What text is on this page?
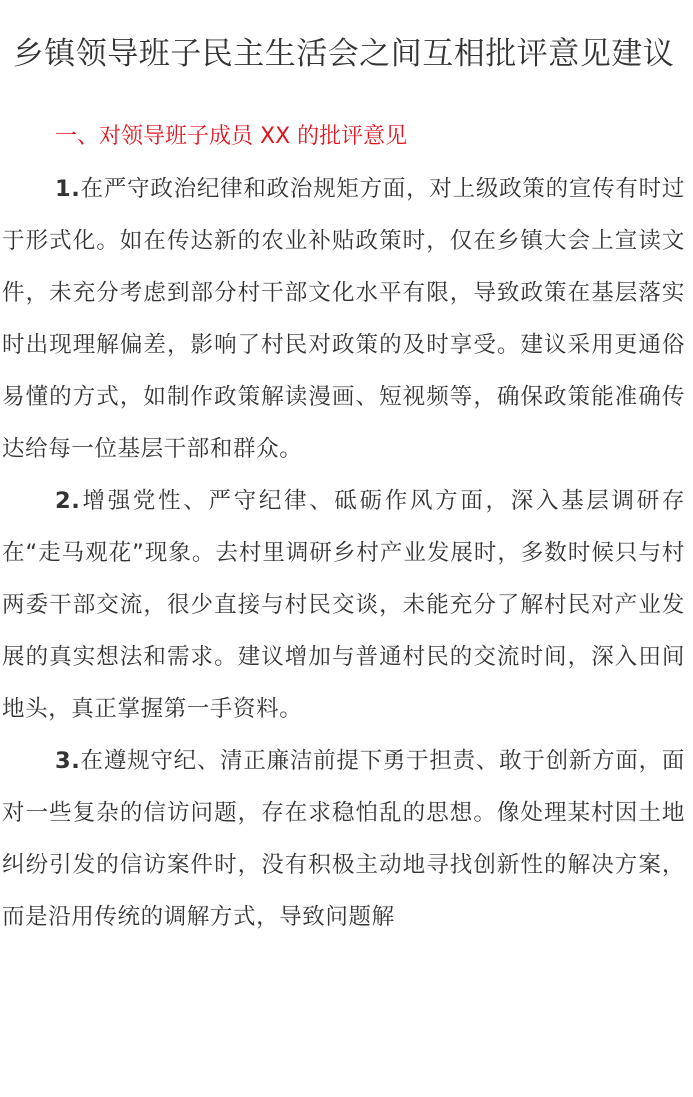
乡镇领导班子民主生活会之间互相批评意见建议

一、对领导班子成员 XX 的批评意见

1.在严守政治纪律和政治规矩方面，对上级政策的宣传有时过于形式化。如在传达新的农业补贴政策时，仅在乡镇大会上宣读文件，未充分考虑到部分村干部文化水平有限，导致政策在基层落实时出现理解偏差，影响了村民对政策的及时享受。建议采用更通俗易懂的方式，如制作政策解读漫画、短视频等，确保政策能准确传达给每一位基层干部和群众。

2.增强党性、严守纪律、砥砺作风方面，深入基层调研存在“走马观花”现象。去村里调研乡村产业发展时，多数时候只与村两委干部交流，很少直接与村民交谈，未能充分了解村民对产业发展的真实想法和需求。建议增加与普通村民的交流时间，深入田间地头，真正掌握第一手资料。

3.在遵规守纪、清正廉洁前提下勇于担责、敢于创新方面，面对一些复杂的信访问题，存在求稳怕乱的思想。像处理某村因土地纠纷引发的信访案件时，没有积极主动地寻找创新性的解决方案，而是沿用传统的调解方式，导致问题解
